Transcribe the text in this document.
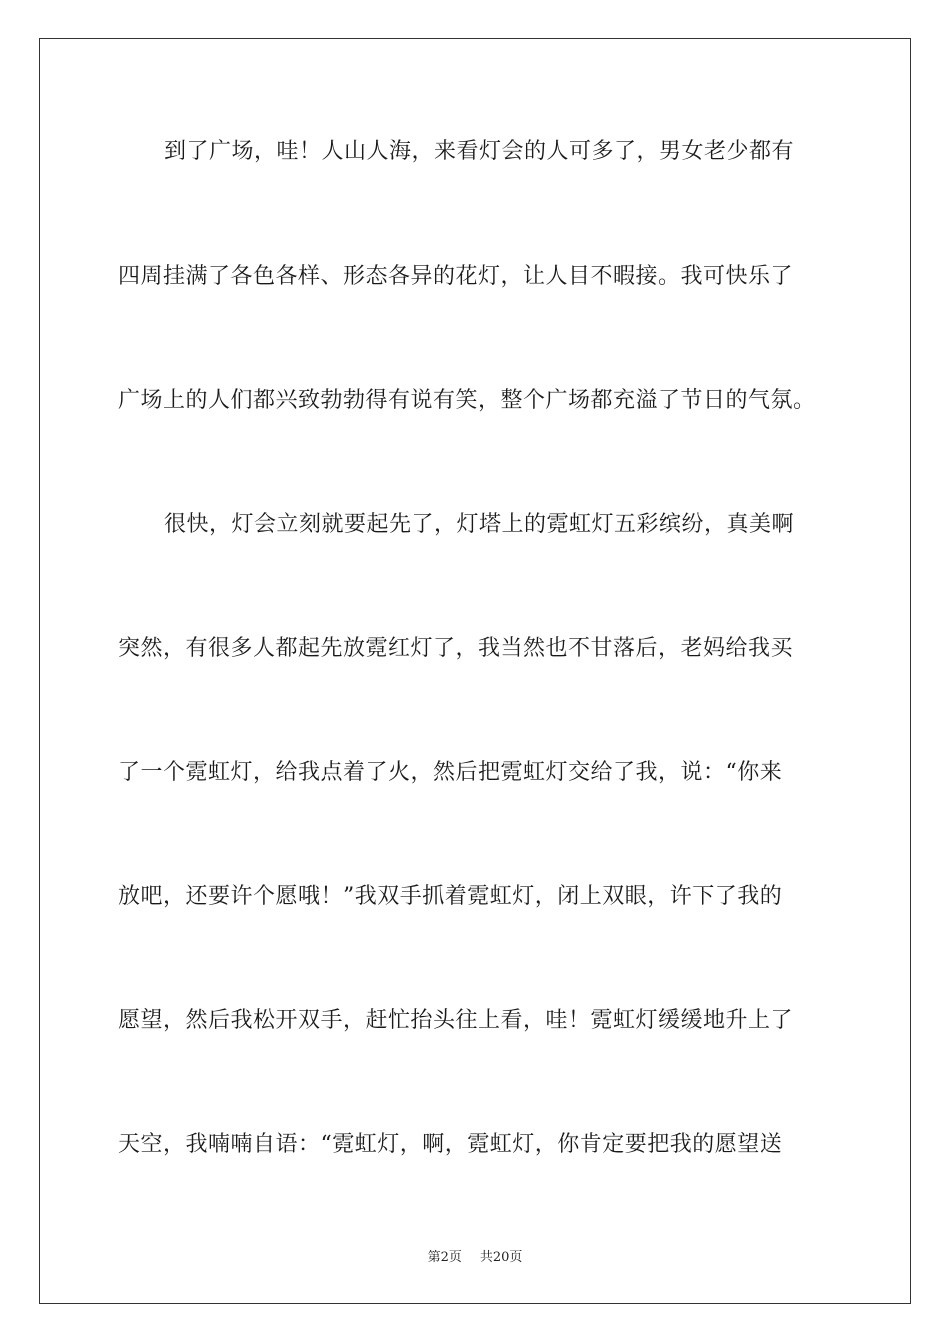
到了广场，哇！人山人海，来看灯会的人可多了，男女老少都有
四周挂满了各色各样、形态各异的花灯，让人目不暇接。我可快乐了
广场上的人们都兴致勃勃得有说有笑，整个广场都充溢了节日的气氛。
很快，灯会立刻就要起先了，灯塔上的霓虹灯五彩缤纷，真美啊
突然，有很多人都起先放霓红灯了，我当然也不甘落后，老妈给我买
了一个霓虹灯，给我点着了火，然后把霓虹灯交给了我，说：“你来
放吧，还要许个愿哦！”我双手抓着霓虹灯，闭上双眼，许下了我的
愿望，然后我松开双手，赶忙抬头往上看，哇！霓虹灯缓缓地升上了
天空，我喃喃自语：“霓虹灯，啊，霓虹灯，你肯定要把我的愿望送
第2页 共20页
